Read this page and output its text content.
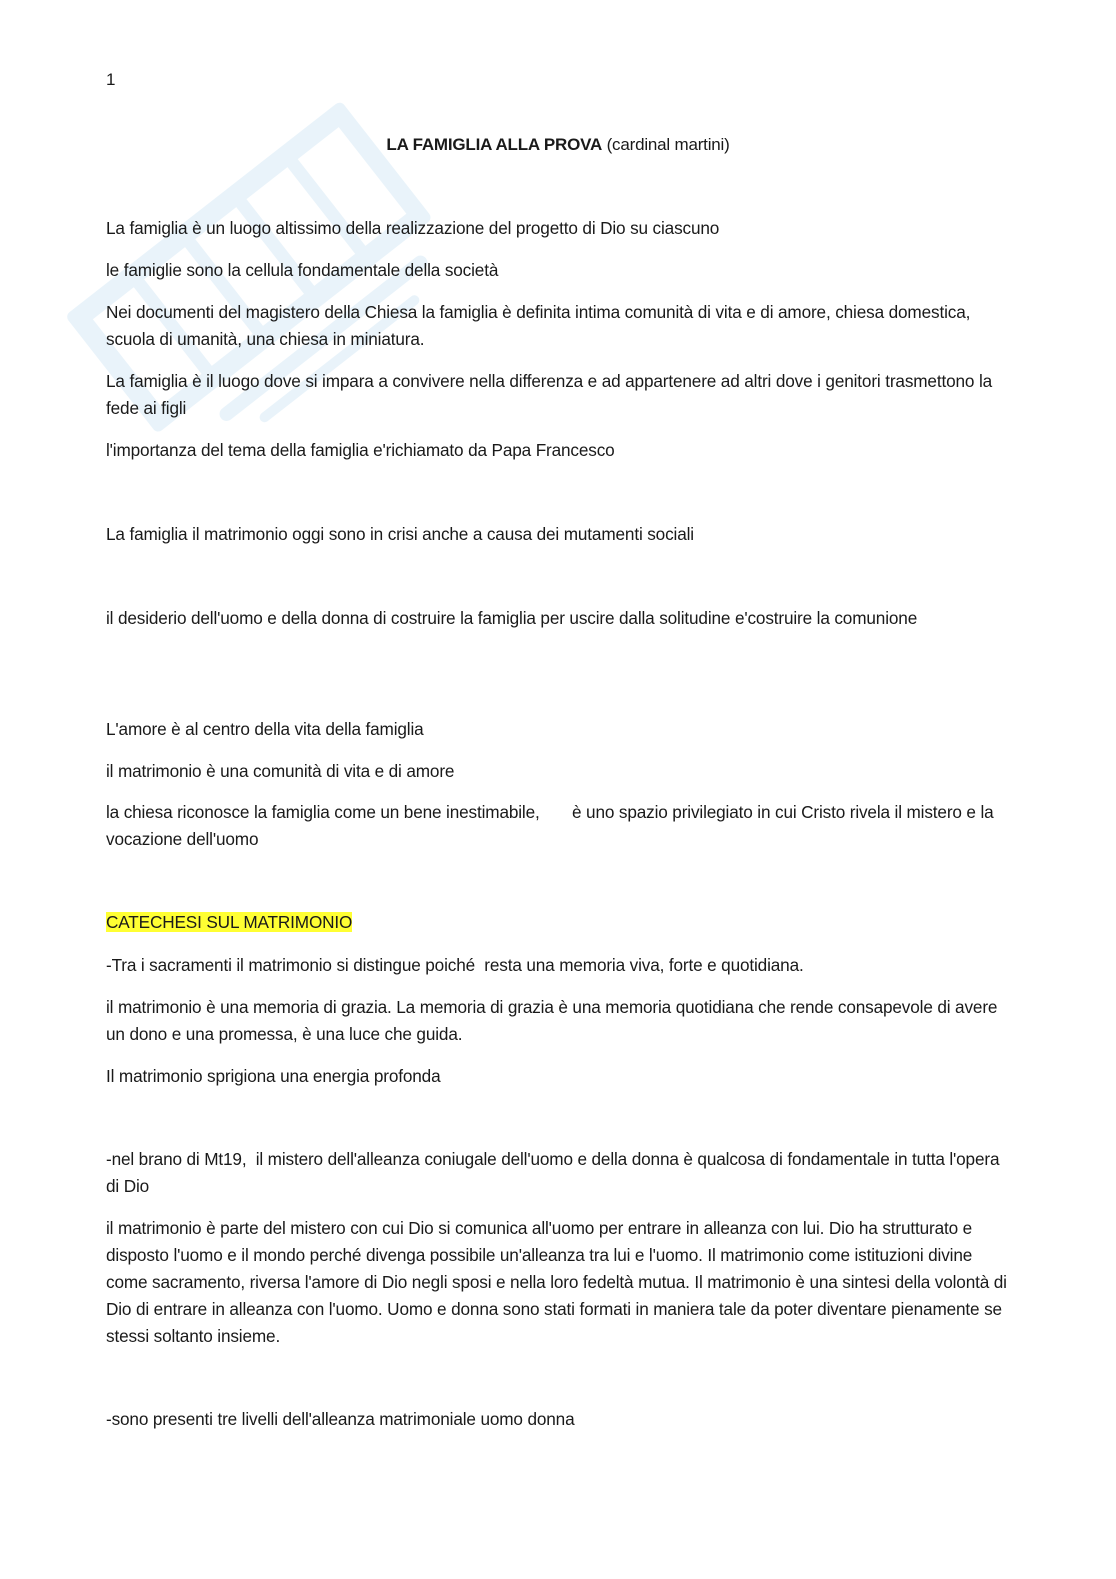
1
LA FAMIGLIA ALLA PROVA (cardinal martini)

La famiglia è un luogo altissimo della realizzazione del progetto di Dio su ciascuno

le famiglie sono la cellula fondamentale della società

Nei documenti del magistero della Chiesa la famiglia è definita intima comunità di vita e di amore, chiesa domestica, scuola di umanità, una chiesa in miniatura.

La famiglia è il luogo dove si impara a convivere nella differenza e ad appartenere ad altri dove i genitori trasmettono la fede ai figli

l'importanza del tema della famiglia e'richiamato da Papa Francesco

La famiglia il matrimonio oggi sono in crisi anche a causa dei mutamenti sociali

il desiderio dell'uomo e della donna di costruire la famiglia per uscire dalla solitudine e'costruire la comunione

L'amore è al centro della vita della famiglia

il matrimonio è una comunità di vita e di amore

la chiesa riconosce la famiglia come un bene inestimabile,       è uno spazio privilegiato in cui Cristo rivela il mistero e la vocazione dell'uomo

CATECHESI SUL MATRIMONIO

-Tra i sacramenti il matrimonio si distingue poiché  resta una memoria viva, forte e quotidiana.

il matrimonio è una memoria di grazia. La memoria di grazia è una memoria quotidiana che rende consapevole di avere un dono e una promessa, è una luce che guida.

Il matrimonio sprigiona una energia profonda

-nel brano di Mt19,  il mistero dell'alleanza coniugale dell'uomo e della donna è qualcosa di fondamentale in tutta l'opera di Dio

il matrimonio è parte del mistero con cui Dio si comunica all'uomo per entrare in alleanza con lui. Dio ha strutturato e disposto l'uomo e il mondo perché divenga possibile un'alleanza tra lui e l'uomo. Il matrimonio come istituzioni divine come sacramento, riversa l'amore di Dio negli sposi e nella loro fedeltà mutua. Il matrimonio è una sintesi della volontà di Dio di entrare in alleanza con l'uomo. Uomo e donna sono stati formati in maniera tale da poter diventare pienamente se stessi soltanto insieme.

-sono presenti tre livelli dell'alleanza matrimoniale uomo donna
